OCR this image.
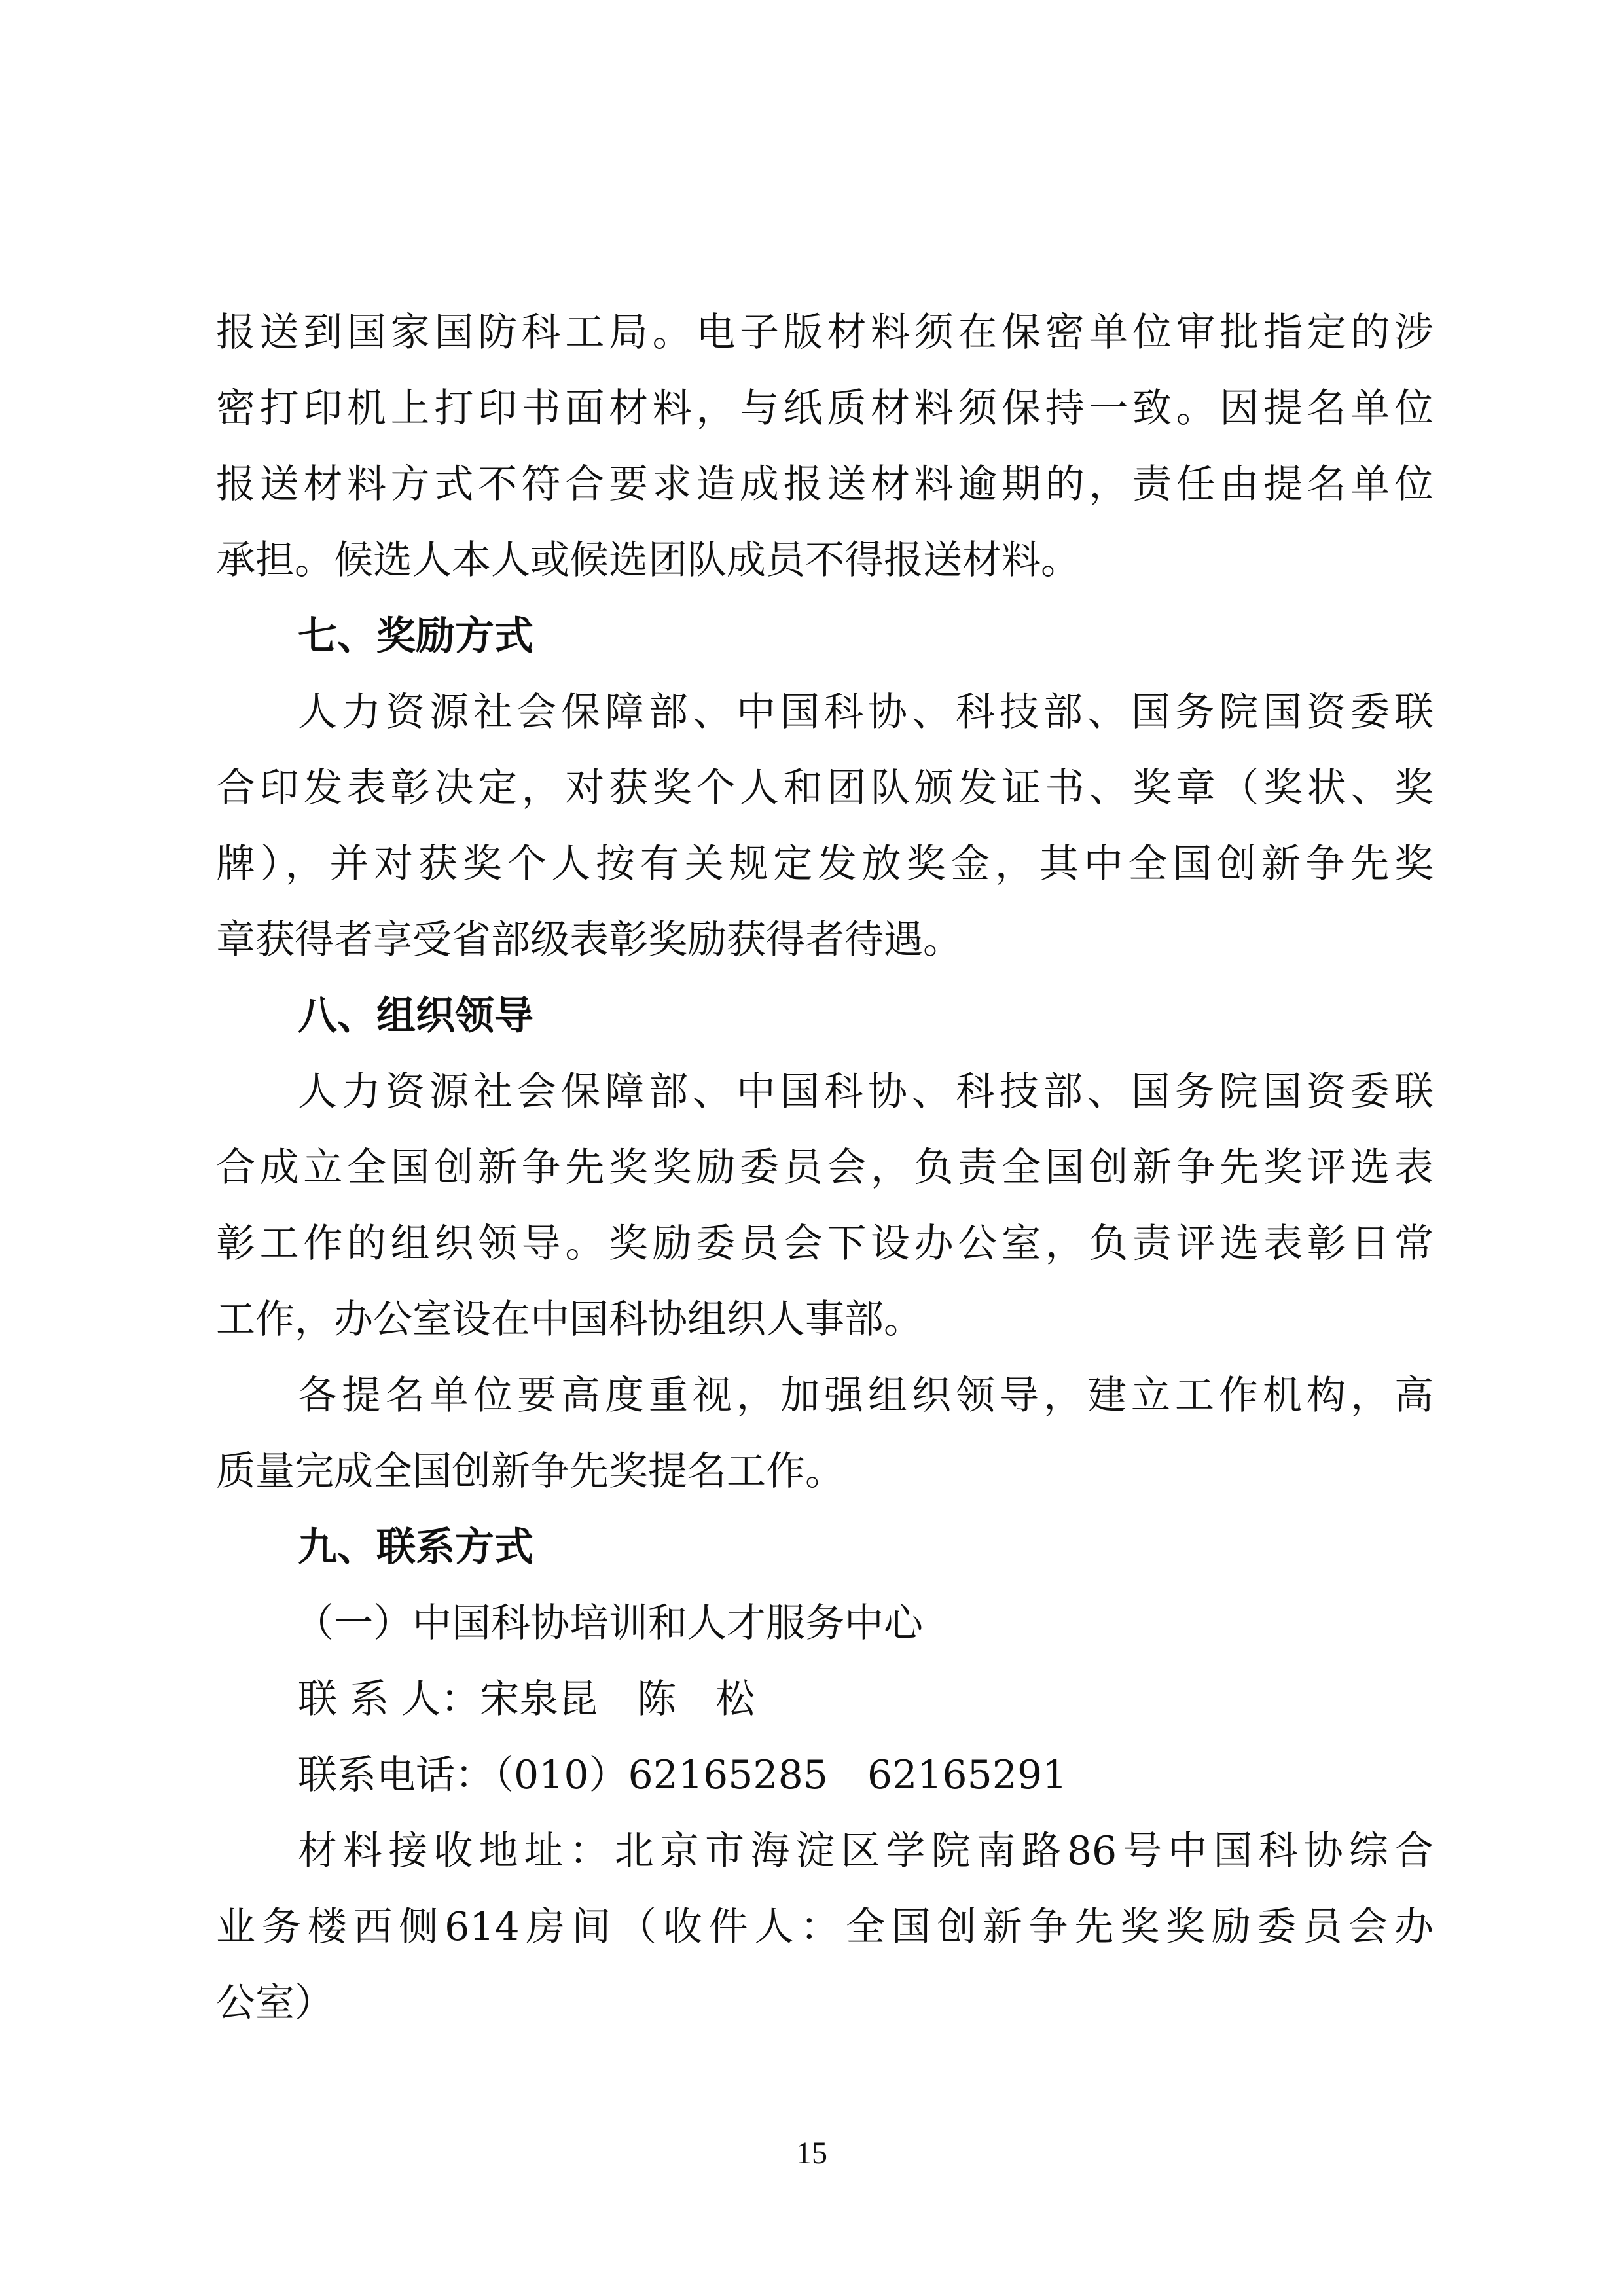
报送到国家国防科工局。电子版材料须在保密单位审批指定的涉
密打印机上打印书面材料，与纸质材料须保持一致。因提名单位
报送材料方式不符合要求造成报送材料逾期的，责任由提名单位
承担。候选人本人或候选团队成员不得报送材料。
七、奖励方式
人力资源社会保障部、中国科协、科技部、国务院国资委联
合印发表彰决定，对获奖个人和团队颁发证书、奖章（奖状、奖
牌），并对获奖个人按有关规定发放奖金，其中全国创新争先奖
章获得者享受省部级表彰奖励获得者待遇。
八、组织领导
人力资源社会保障部、中国科协、科技部、国务院国资委联
合成立全国创新争先奖奖励委员会，负责全国创新争先奖评选表
彰工作的组织领导。奖励委员会下设办公室，负责评选表彰日常
工作，办公室设在中国科协组织人事部。
各提名单位要高度重视，加强组织领导，建立工作机构，高
质量完成全国创新争先奖提名工作。
九、联系方式
（一）中国科协培训和人才服务中心
联 系 人：宋泉昆　陈　松
联系电话：（010）62165285　62165291
材料接收地址：北京市海淀区学院南路86号中国科协综合
业务楼西侧614房间（收件人：全国创新争先奖奖励委员会办
公室）
15
